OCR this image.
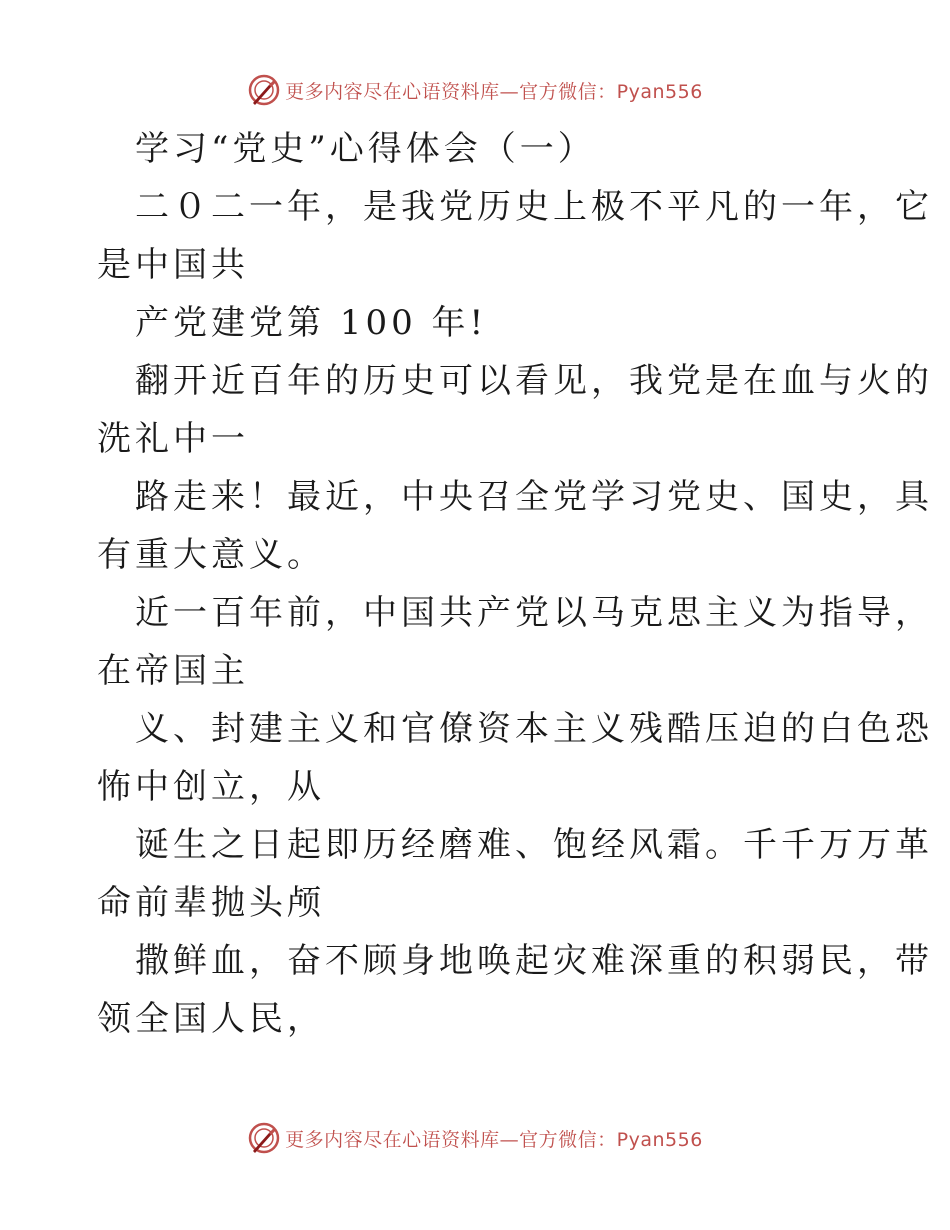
更多内容尽在心语资料库—官方微信：Pyan556
学习“党史”心得体会（一）
二０二一年，是我党历史上极不平凡的一年，它
是中国共
产党建党第 100 年!
翻开近百年的历史可以看见，我党是在血与火的
洗礼中一
路走来！最近，中央召全党学习党史、国史，具
有重大意义。
近一百年前，中国共产党以马克思主义为指导，
在帝国主
义、封建主义和官僚资本主义残酷压迫的白色恐
怖中创立，从
诞生之日起即历经磨难、饱经风霜。千千万万革
命前辈抛头颅
撒鲜血，奋不顾身地唤起灾难深重的积弱民，带
领全国人民，
更多内容尽在心语资料库—官方微信：Pyan556
